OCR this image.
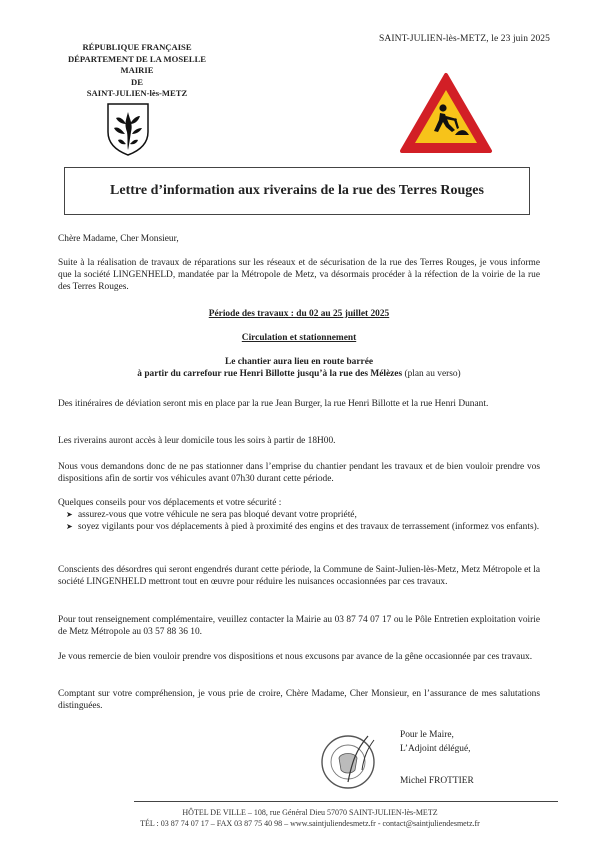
SAINT-JULIEN-lès-METZ, le 23 juin 2025
RÉPUBLIQUE FRANÇAISE
DÉPARTEMENT DE LA MOSELLE
MAIRIE
DE
SAINT-JULIEN-lès-METZ
Lettre d’information aux riverains de la rue des Terres Rouges
Chère Madame, Cher Monsieur,
Suite à la réalisation de travaux de réparations sur les réseaux et de sécurisation de la rue des Terres Rouges, je vous informe que la société LINGENHELD, mandatée par la Métropole de Metz, va désormais procéder à la réfection de la voirie de la rue des Terres Rouges.
Période des travaux : du 02 au 25 juillet 2025
Circulation et stationnement
Le chantier aura lieu en route barrée
à partir du carrefour rue Henri Billotte jusqu’à la rue des Mélèzes (plan au verso)
Des itinéraires de déviation seront mis en place par la rue Jean Burger, la rue Henri Billotte et la rue Henri Dunant.
Les riverains auront accès à leur domicile tous les soirs à partir de 18H00.
Nous vous demandons donc de ne pas stationner dans l’emprise du chantier pendant les travaux et de bien vouloir prendre vos dispositions afin de sortir vos véhicules avant 07h30 durant cette période.
Quelques conseils pour vos déplacements et votre sécurité :
➤ assurez-vous que votre véhicule ne sera pas bloqué devant votre propriété,
➤ soyez vigilants pour vos déplacements à pied à proximité des engins et des travaux de terrassement (informez vos enfants).
Conscients des désordres qui seront engendrés durant cette période, la Commune de Saint-Julien-lès-Metz, Metz Métropole et la société LINGENHELD mettront tout en œuvre pour réduire les nuisances occasionnées par ces travaux.
Pour tout renseignement complémentaire, veuillez contacter la Mairie au 03 87 74 07 17 ou le Pôle Entretien exploitation voirie de Metz Métropole au 03 57 88 36 10.
Je vous remercie de bien vouloir prendre vos dispositions et nous excusons par avance de la gêne occasionnée par ces travaux.
Comptant sur votre compréhension, je vous prie de croire, Chère Madame, Cher Monsieur, en l’assurance de mes salutations distinguées.
Pour le Maire,
L’Adjoint délégué,
Michel FROTTIER
HÔTEL DE VILLE – 108, rue Général Dieu 57070 SAINT-JULIEN-lès-METZ
TÉL : 03 87 74 07 17 – FAX 03 87 75 40 98 – www.saintjuliendesmetz.fr - contact@saintjuliendesmetz.fr
